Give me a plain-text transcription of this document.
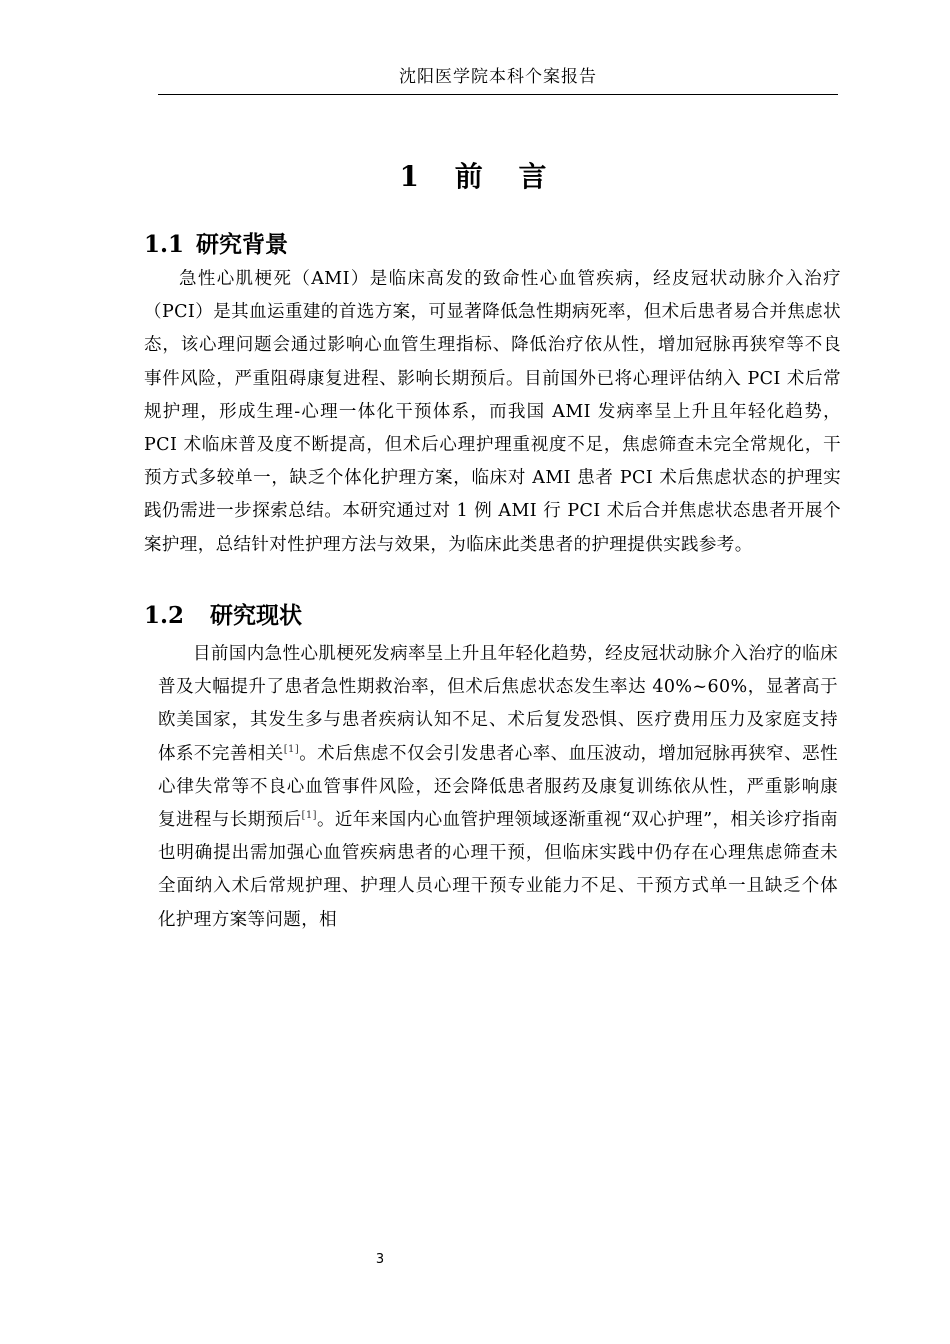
沈阳医学院本科个案报告
1 前 言
1.1 研究背景

急性心肌梗死（AMI）是临床高发的致命性心血管疾病，经皮冠状动脉介入治疗（PCI）是其血运重建的首选方案，可显著降低急性期病死率，但术后患者易合并焦虑状态，该心理问题会通过影响心血管生理指标、降低治疗依从性，增加冠脉再狭窄等不良事件风险，严重阻碍康复进程、影响长期预后。目前国外已将心理评估纳入 PCI 术后常规护理，形成生理-心理一体化干预体系，而我国 AMI 发病率呈上升且年轻化趋势，PCI 术临床普及度不断提高，但术后心理护理重视度不足，焦虑筛查未完全常规化，干预方式多较单一，缺乏个体化护理方案，临床对 AMI 患者 PCI 术后焦虑状态的护理实践仍需进一步探索总结。本研究通过对 1 例 AMI 行 PCI 术后合并焦虑状态患者开展个案护理，总结针对性护理方法与效果，为临床此类患者的护理提供实践参考。

1.2 研究现状

目前国内急性心肌梗死发病率呈上升且年轻化趋势，经皮冠状动脉介入治疗的临床普及大幅提升了患者急性期救治率，但术后焦虑状态发生率达 40%~60%，显著高于欧美国家，其发生多与患者疾病认知不足、术后复发恐惧、医疗费用压力及家庭支持体系不完善相关[1]。术后焦虑不仅会引发患者心率、血压波动，增加冠脉再狭窄、恶性心律失常等不良心血管事件风险，还会降低患者服药及康复训练依从性，严重影响康复进程与长期预后[1]。近年来国内心血管护理领域逐渐重视“双心护理”，相关诊疗指南也明确提出需加强心血管疾病患者的心理干预，但临床实践中仍存在心理焦虑筛查未全面纳入术后常规护理、护理人员心理干预专业能力不足、干预方式单一且缺乏个体化护理方案等问题，相

3
